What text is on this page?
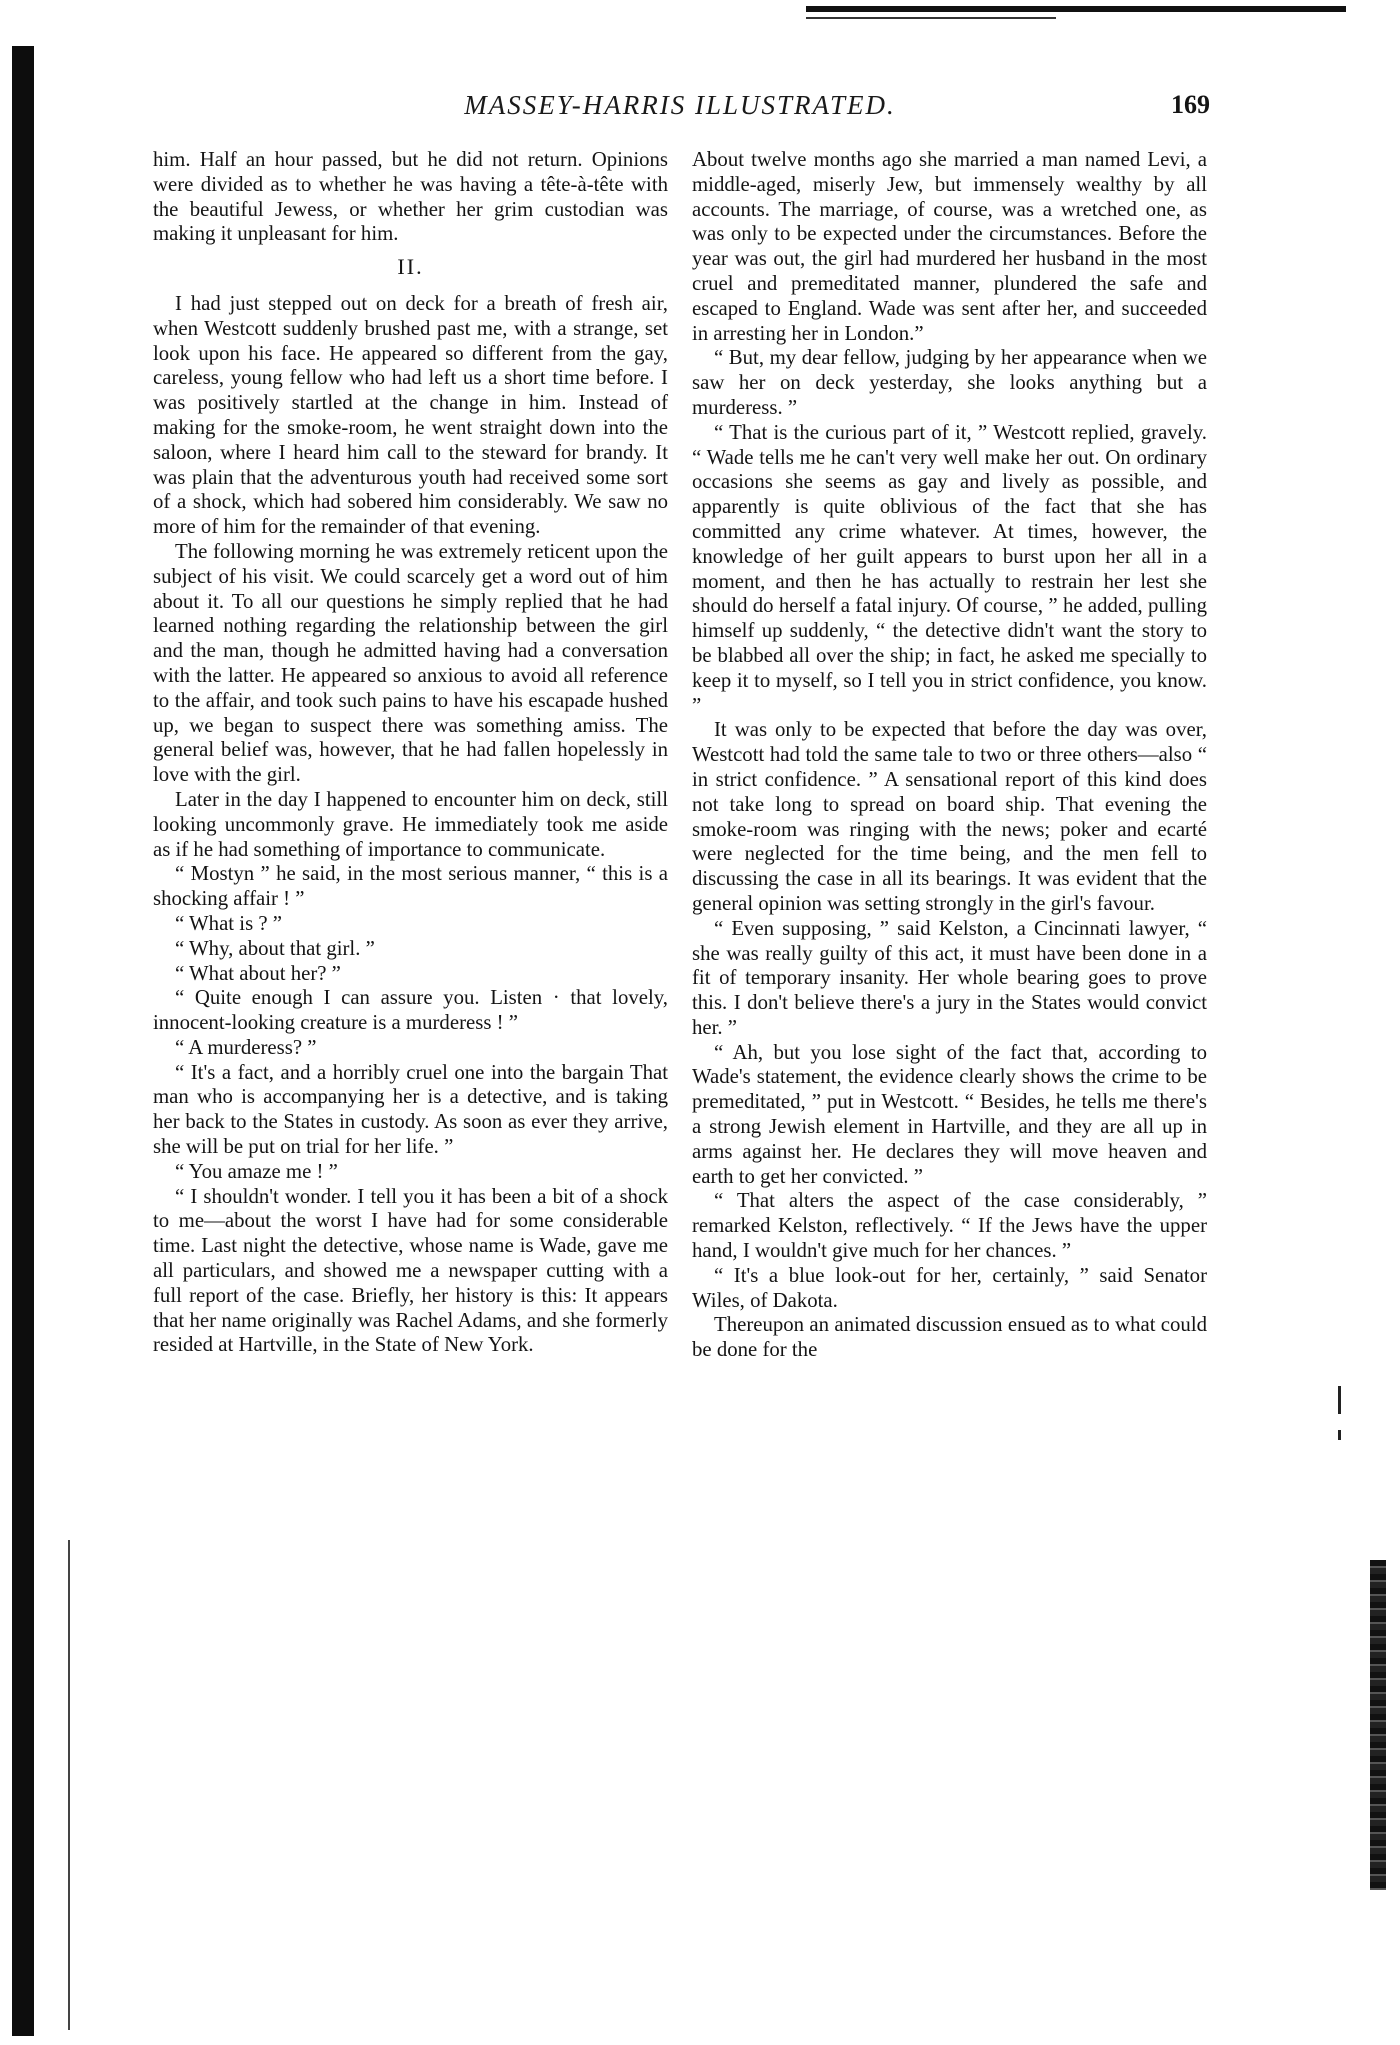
MASSEY-HARRIS ILLUSTRATED.	169

him. Half an hour passed, but he did not return. Opinions were divided as to whether he was having a tête-à-tête with the beautiful Jewess, or whether her grim custodian was making it unpleasant for him.

II.

I had just stepped out on deck for a breath of fresh air, when Westcott suddenly brushed past me, with a strange, set look upon his face. He appeared so different from the gay, careless, young fellow who had left us a short time before. I was positively startled at the change in him. Instead of making for the smoke-room, he went straight down into the saloon, where I heard him call to the steward for brandy. It was plain that the adventurous youth had received some sort of a shock, which had sobered him considerably. We saw no more of him for the remainder of that evening.

The following morning he was extremely reticent upon the subject of his visit. We could scarcely get a word out of him about it. To all our questions he simply replied that he had learned nothing regarding the relationship between the girl and the man, though he admitted having had a conversation with the latter. He appeared so anxious to avoid all reference to the affair, and took such pains to have his escapade hushed up, we began to suspect there was something amiss. The general belief was, however, that he had fallen hopelessly in love with the girl.

Later in the day I happened to encounter him on deck, still looking uncommonly grave. He immediately took me aside as if he had something of importance to communicate.

“ Mostyn ” he said, in the most serious manner, “ this is a shocking affair ! ”

“ What is ? ”

“ Why, about that girl. ”

“ What about her? ”

“ Quite enough I can assure you. Listen · that lovely, innocent-looking creature is a murderess ! ”

“ A murderess? ”

“ It's a fact, and a horribly cruel one into the bargain That man who is accompanying her is a detective, and is taking her back to the States in custody. As soon as ever they arrive, she will be put on trial for her life. ”

“ You amaze me ! ”

“ I shouldn't wonder. I tell you it has been a bit of a shock to me—about the worst I have had for some considerable time. Last night the detective, whose name is Wade, gave me all particulars, and showed me a newspaper cutting with a full report of the case. Briefly, her history is this: It appears that her name originally was Rachel Adams, and she formerly resided at Hartville, in the State of New York.

About twelve months ago she married a man named Levi, a middle-aged, miserly Jew, but immensely wealthy by all accounts. The marriage, of course, was a wretched one, as was only to be expected under the circumstances. Before the year was out, the girl had murdered her husband in the most cruel and premeditated manner, plundered the safe and escaped to England. Wade was sent after her, and succeeded in arresting her in London.”

“ But, my dear fellow, judging by her appearance when we saw her on deck yesterday, she looks anything but a murderess. ”

“ That is the curious part of it, ” Westcott replied, gravely. “ Wade tells me he can't very well make her out. On ordinary occasions she seems as gay and lively as possible, and apparently is quite oblivious of the fact that she has committed any crime whatever. At times, however, the knowledge of her guilt appears to burst upon her all in a moment, and then he has actually to restrain her lest she should do herself a fatal injury. Of course, ” he added, pulling himself up suddenly, “ the detective didn't want the story to be blabbed all over the ship; in fact, he asked me specially to keep it to myself, so I tell you in strict confidence, you know. ”

It was only to be expected that before the day was over, Westcott had told the same tale to two or three others—also “ in strict confidence. ” A sensational report of this kind does not take long to spread on board ship. That evening the smoke-room was ringing with the news; poker and ecarté were neglected for the time being, and the men fell to discussing the case in all its bearings. It was evident that the general opinion was setting strongly in the girl's favour.

“ Even supposing, ” said Kelston, a Cincinnati lawyer, “ she was really guilty of this act, it must have been done in a fit of temporary insanity. Her whole bearing goes to prove this. I don't believe there's a jury in the States would convict her. ”

“ Ah, but you lose sight of the fact that, according to Wade's statement, the evidence clearly shows the crime to be premeditated, ” put in Westcott. “ Besides, he tells me there's a strong Jewish element in Hartville, and they are all up in arms against her. He declares they will move heaven and earth to get her convicted. ”

“ That alters the aspect of the case considerably, ” remarked Kelston, reflectively. “ If the Jews have the upper hand, I wouldn't give much for her chances. ”

“ It's a blue look-out for her, certainly, ” said Senator Wiles, of Dakota.

Thereupon an animated discussion ensued as to what could be done for the
